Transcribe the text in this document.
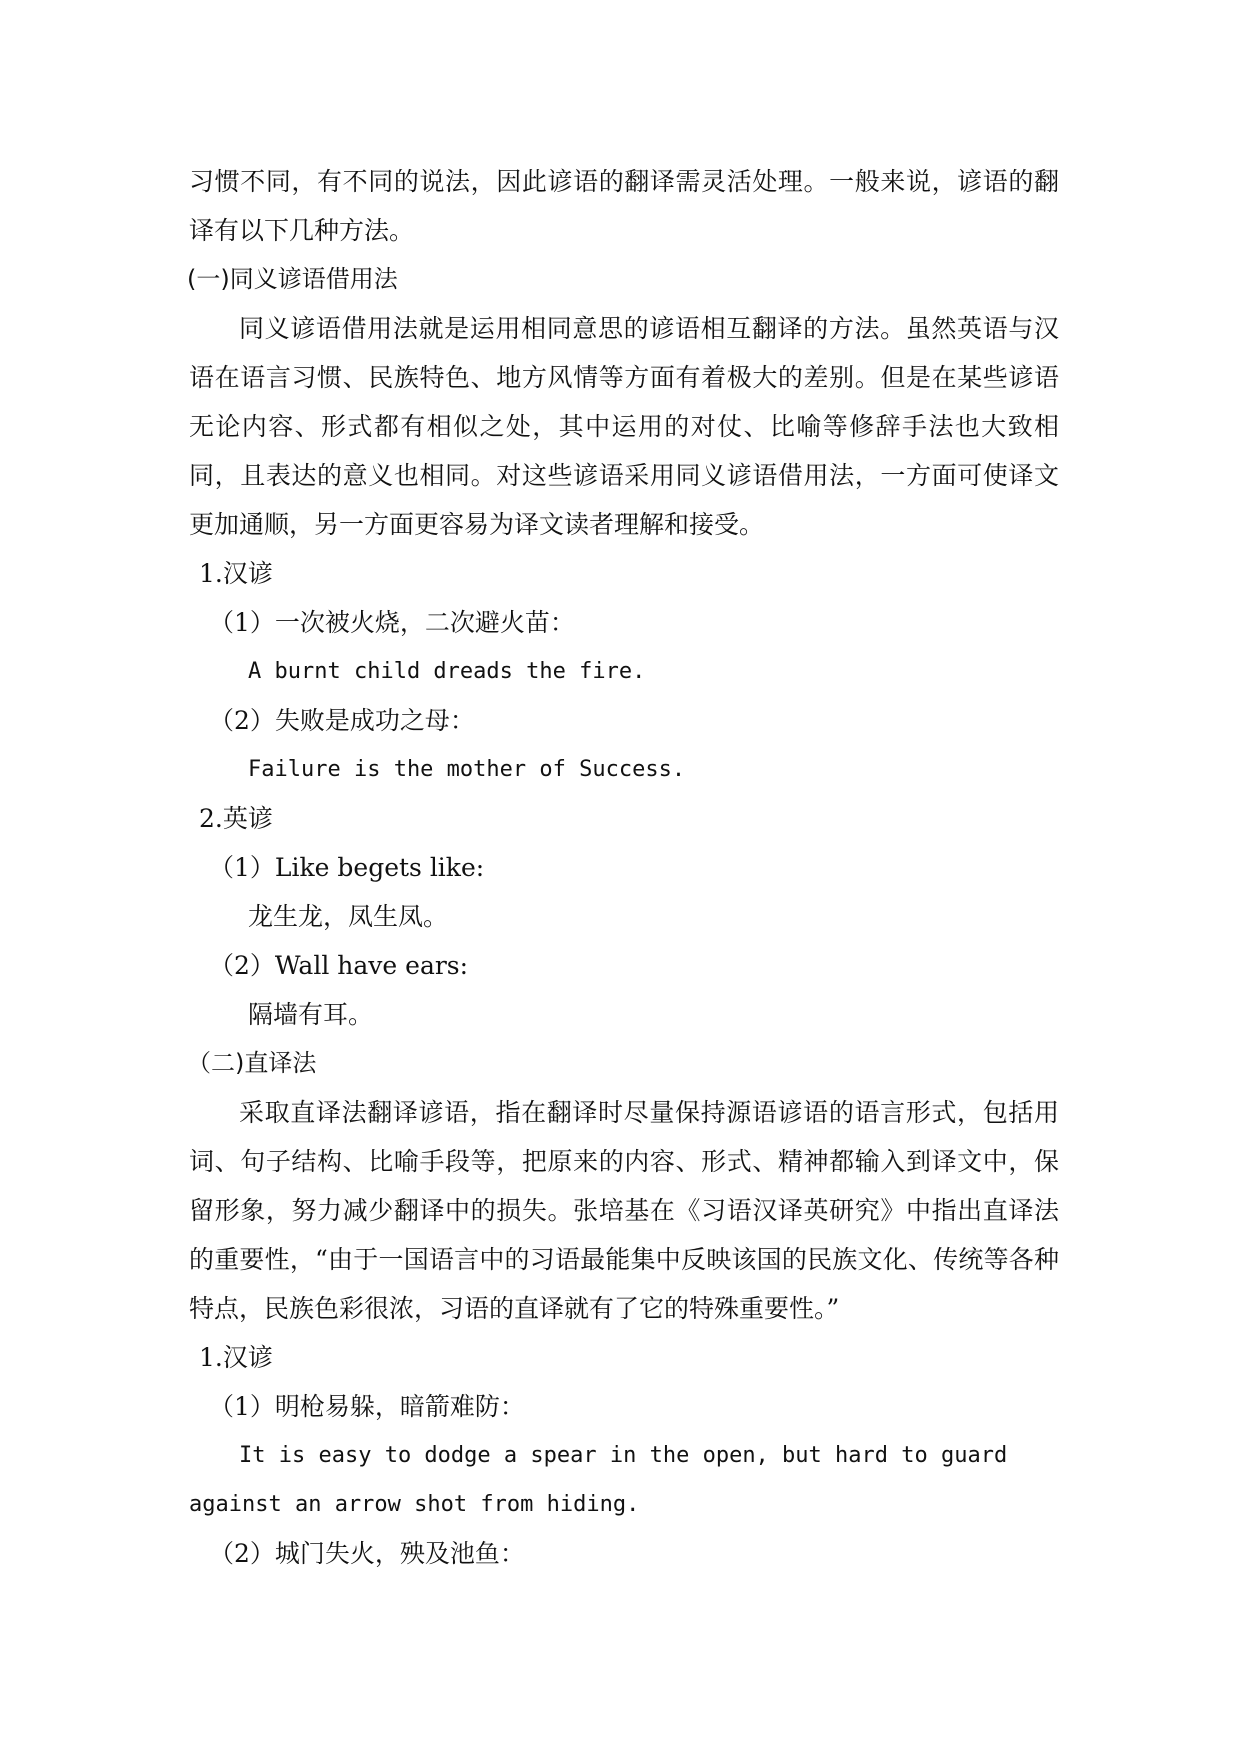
习惯不同，有不同的说法，因此谚语的翻译需灵活处理。一般来说，谚语的翻译有以下几种方法。

(一)同义谚语借用法

同义谚语借用法就是运用相同意思的谚语相互翻译的方法。虽然英语与汉语在语言习惯、民族特色、地方风情等方面有着极大的差别。但是在某些谚语无论内容、形式都有相似之处，其中运用的对仗、比喻等修辞手法也大致相同，且表达的意义也相同。对这些谚语采用同义谚语借用法，一方面可使译文更加通顺，另一方面更容易为译文读者理解和接受。

1.汉谚
（1）一次被火烧，二次避火苗：
A burnt child dreads the fire.
（2）失败是成功之母：
Failure is the mother of Success.
2.英谚
（1）Like begets like:
龙生龙，凤生凤。
（2）Wall have ears:
隔墙有耳。
（二)直译法

采取直译法翻译谚语，指在翻译时尽量保持源语谚语的语言形式，包括用词、句子结构、比喻手段等，把原来的内容、形式、精神都输入到译文中，保留形象，努力减少翻译中的损失。张培基在《习语汉译英研究》中指出直译法的重要性，“由于一国语言中的习语最能集中反映该国的民族文化、传统等各种特点，民族色彩很浓，习语的直译就有了它的特殊重要性。”

1.汉谚
（1）明枪易躲，暗箭难防：

It is easy to dodge a spear in the open, but hard to guard against an arrow shot from hiding.

（2）城门失火，殃及池鱼：
